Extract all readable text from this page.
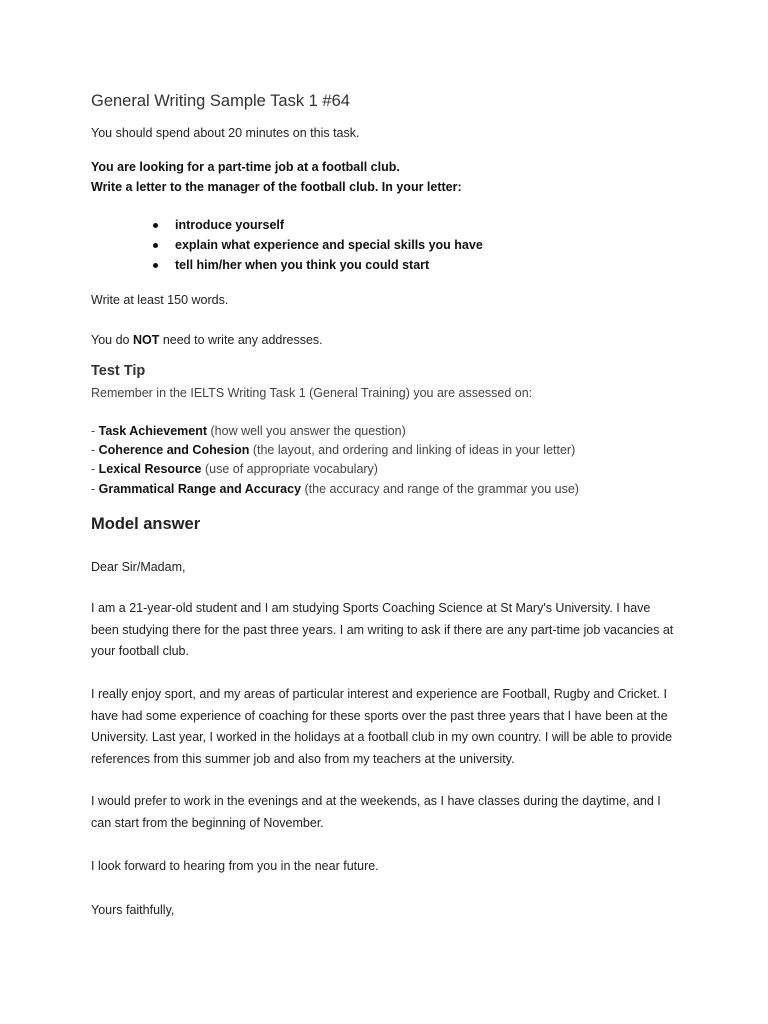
General Writing Sample Task 1 #64
You should spend about 20 minutes on this task.
You are looking for a part-time job at a football club.
Write a letter to the manager of the football club. In your letter:
introduce yourself
explain what experience and special skills you have
tell him/her when you think you could start
Write at least 150 words.
You do NOT need to write any addresses.
Test Tip
Remember in the IELTS Writing Task 1 (General Training) you are assessed on:
- Task Achievement (how well you answer the question)
- Coherence and Cohesion (the layout, and ordering and linking of ideas in your letter)
- Lexical Resource (use of appropriate vocabulary)
- Grammatical Range and Accuracy (the accuracy and range of the grammar you use)
Model answer
Dear Sir/Madam,
I am a 21-year-old student and I am studying Sports Coaching Science at St Mary's University. I have
been studying there for the past three years. I am writing to ask if there are any part-time job vacancies at
your football club.
I really enjoy sport, and my areas of particular interest and experience are Football, Rugby and Cricket. I
have had some experience of coaching for these sports over the past three years that I have been at the
University. Last year, I worked in the holidays at a football club in my own country. I will be able to provide
references from this summer job and also from my teachers at the university.
I would prefer to work in the evenings and at the weekends, as I have classes during the daytime, and I
can start from the beginning of November.
I look forward to hearing from you in the near future.
Yours faithfully,
